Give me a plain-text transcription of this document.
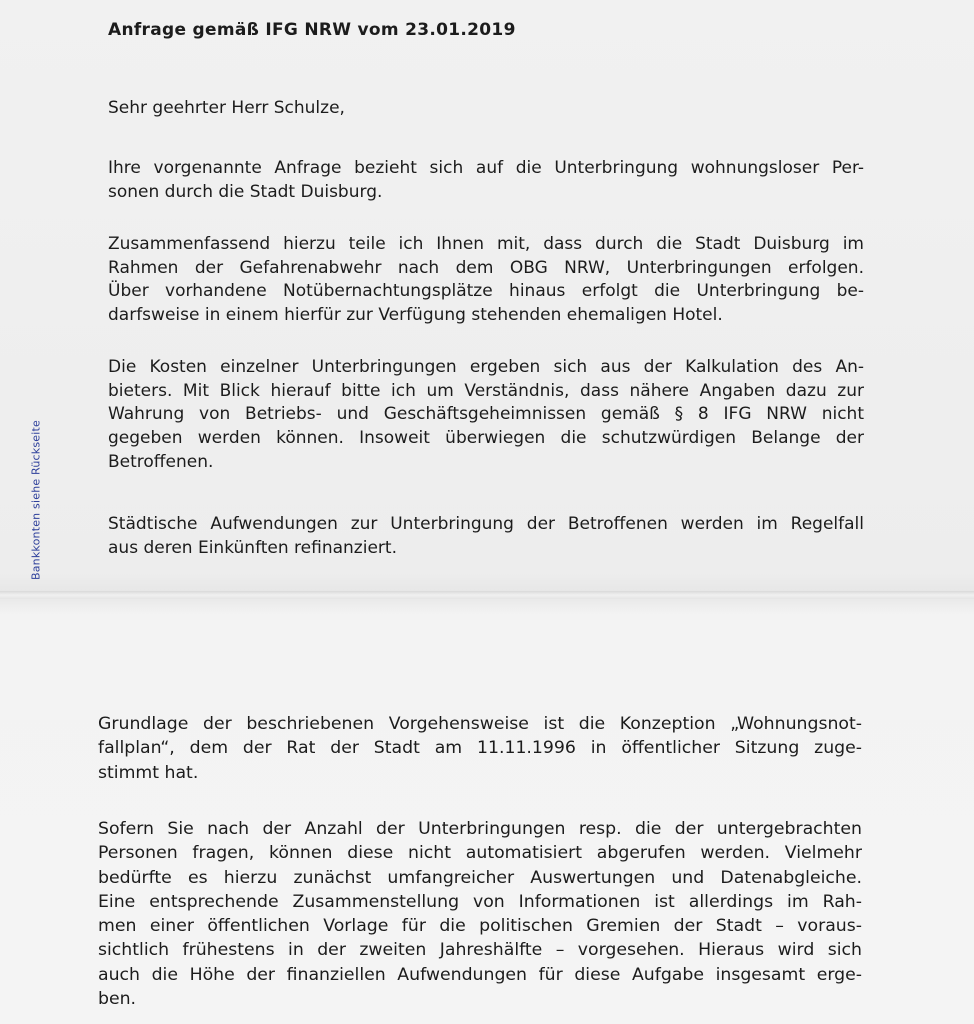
Bankkonten siehe Rückseite
Anfrage gemäß IFG NRW vom 23.01.2019

Sehr geehrter Herr Schulze,

Ihre vorgenannte Anfrage bezieht sich auf die Unterbringung wohnungsloser Per-
sonen durch die Stadt Duisburg.

Zusammenfassend hierzu teile ich Ihnen mit, dass durch die Stadt Duisburg im
Rahmen der Gefahrenabwehr nach dem OBG NRW, Unterbringungen erfolgen.
Über vorhandene Notübernachtungsplätze hinaus erfolgt die Unterbringung be-
darfsweise in einem hierfür zur Verfügung stehenden ehemaligen Hotel.

Die Kosten einzelner Unterbringungen ergeben sich aus der Kalkulation des An-
bieters. Mit Blick hierauf bitte ich um Verständnis, dass nähere Angaben dazu zur
Wahrung von Betriebs- und Geschäftsgeheimnissen gemäß § 8 IFG NRW nicht
gegeben werden können. Insoweit überwiegen die schutzwürdigen Belange der
Betroffenen.

Städtische Aufwendungen zur Unterbringung der Betroffenen werden im Regelfall
aus deren Einkünften refinanziert.

Grundlage der beschriebenen Vorgehensweise ist die Konzeption „Wohnungsnot-
fallplan“, dem der Rat der Stadt am 11.11.1996 in öffentlicher Sitzung zuge-
stimmt hat.

Sofern Sie nach der Anzahl der Unterbringungen resp. die der untergebrachten
Personen fragen, können diese nicht automatisiert abgerufen werden. Vielmehr
bedürfte es hierzu zunächst umfangreicher Auswertungen und Datenabgleiche.
Eine entsprechende Zusammenstellung von Informationen ist allerdings im Rah-
men einer öffentlichen Vorlage für die politischen Gremien der Stadt – voraus-
sichtlich frühestens in der zweiten Jahreshälfte – vorgesehen. Hieraus wird sich
auch die Höhe der finanziellen Aufwendungen für diese Aufgabe insgesamt erge-
ben.
